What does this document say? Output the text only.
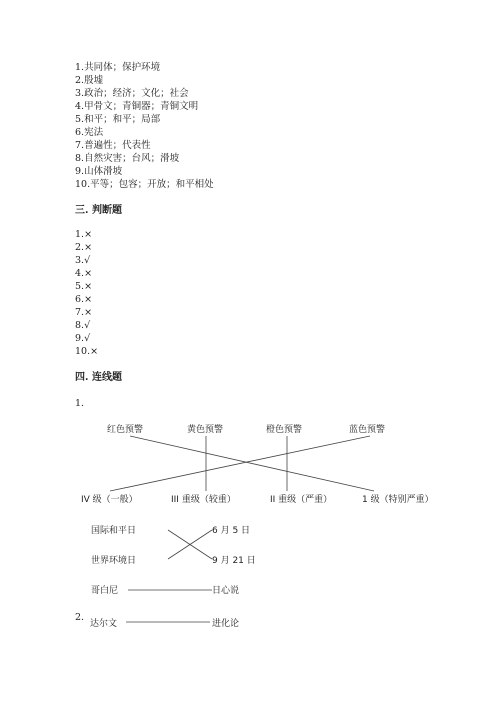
1.共同体；保护环境
2.殷墟
3.政治；经济；文化；社会
4.甲骨文；青铜器；青铜文明
5.和平；和平；局部
6.宪法
7.普遍性；代表性
8.自然灾害；台风；滑坡
9.山体滑坡
10.平等；包容；开放；和平相处
三. 判断题
1.×
2.×
3.√
4.×
5.×
6.×
7.×
8.√
9.√
10.×
四. 连线题
1.
红色预警	黄色预警	橙色预警	蓝色预警
IV 级（一般）	III 重级（较重）	II 重级（严重）	1 级（特别严重）
国际和平日
世界环境日
6 月 5 日
9 月 21 日
哥白尼	日心说
达尔文	进化论
2.
